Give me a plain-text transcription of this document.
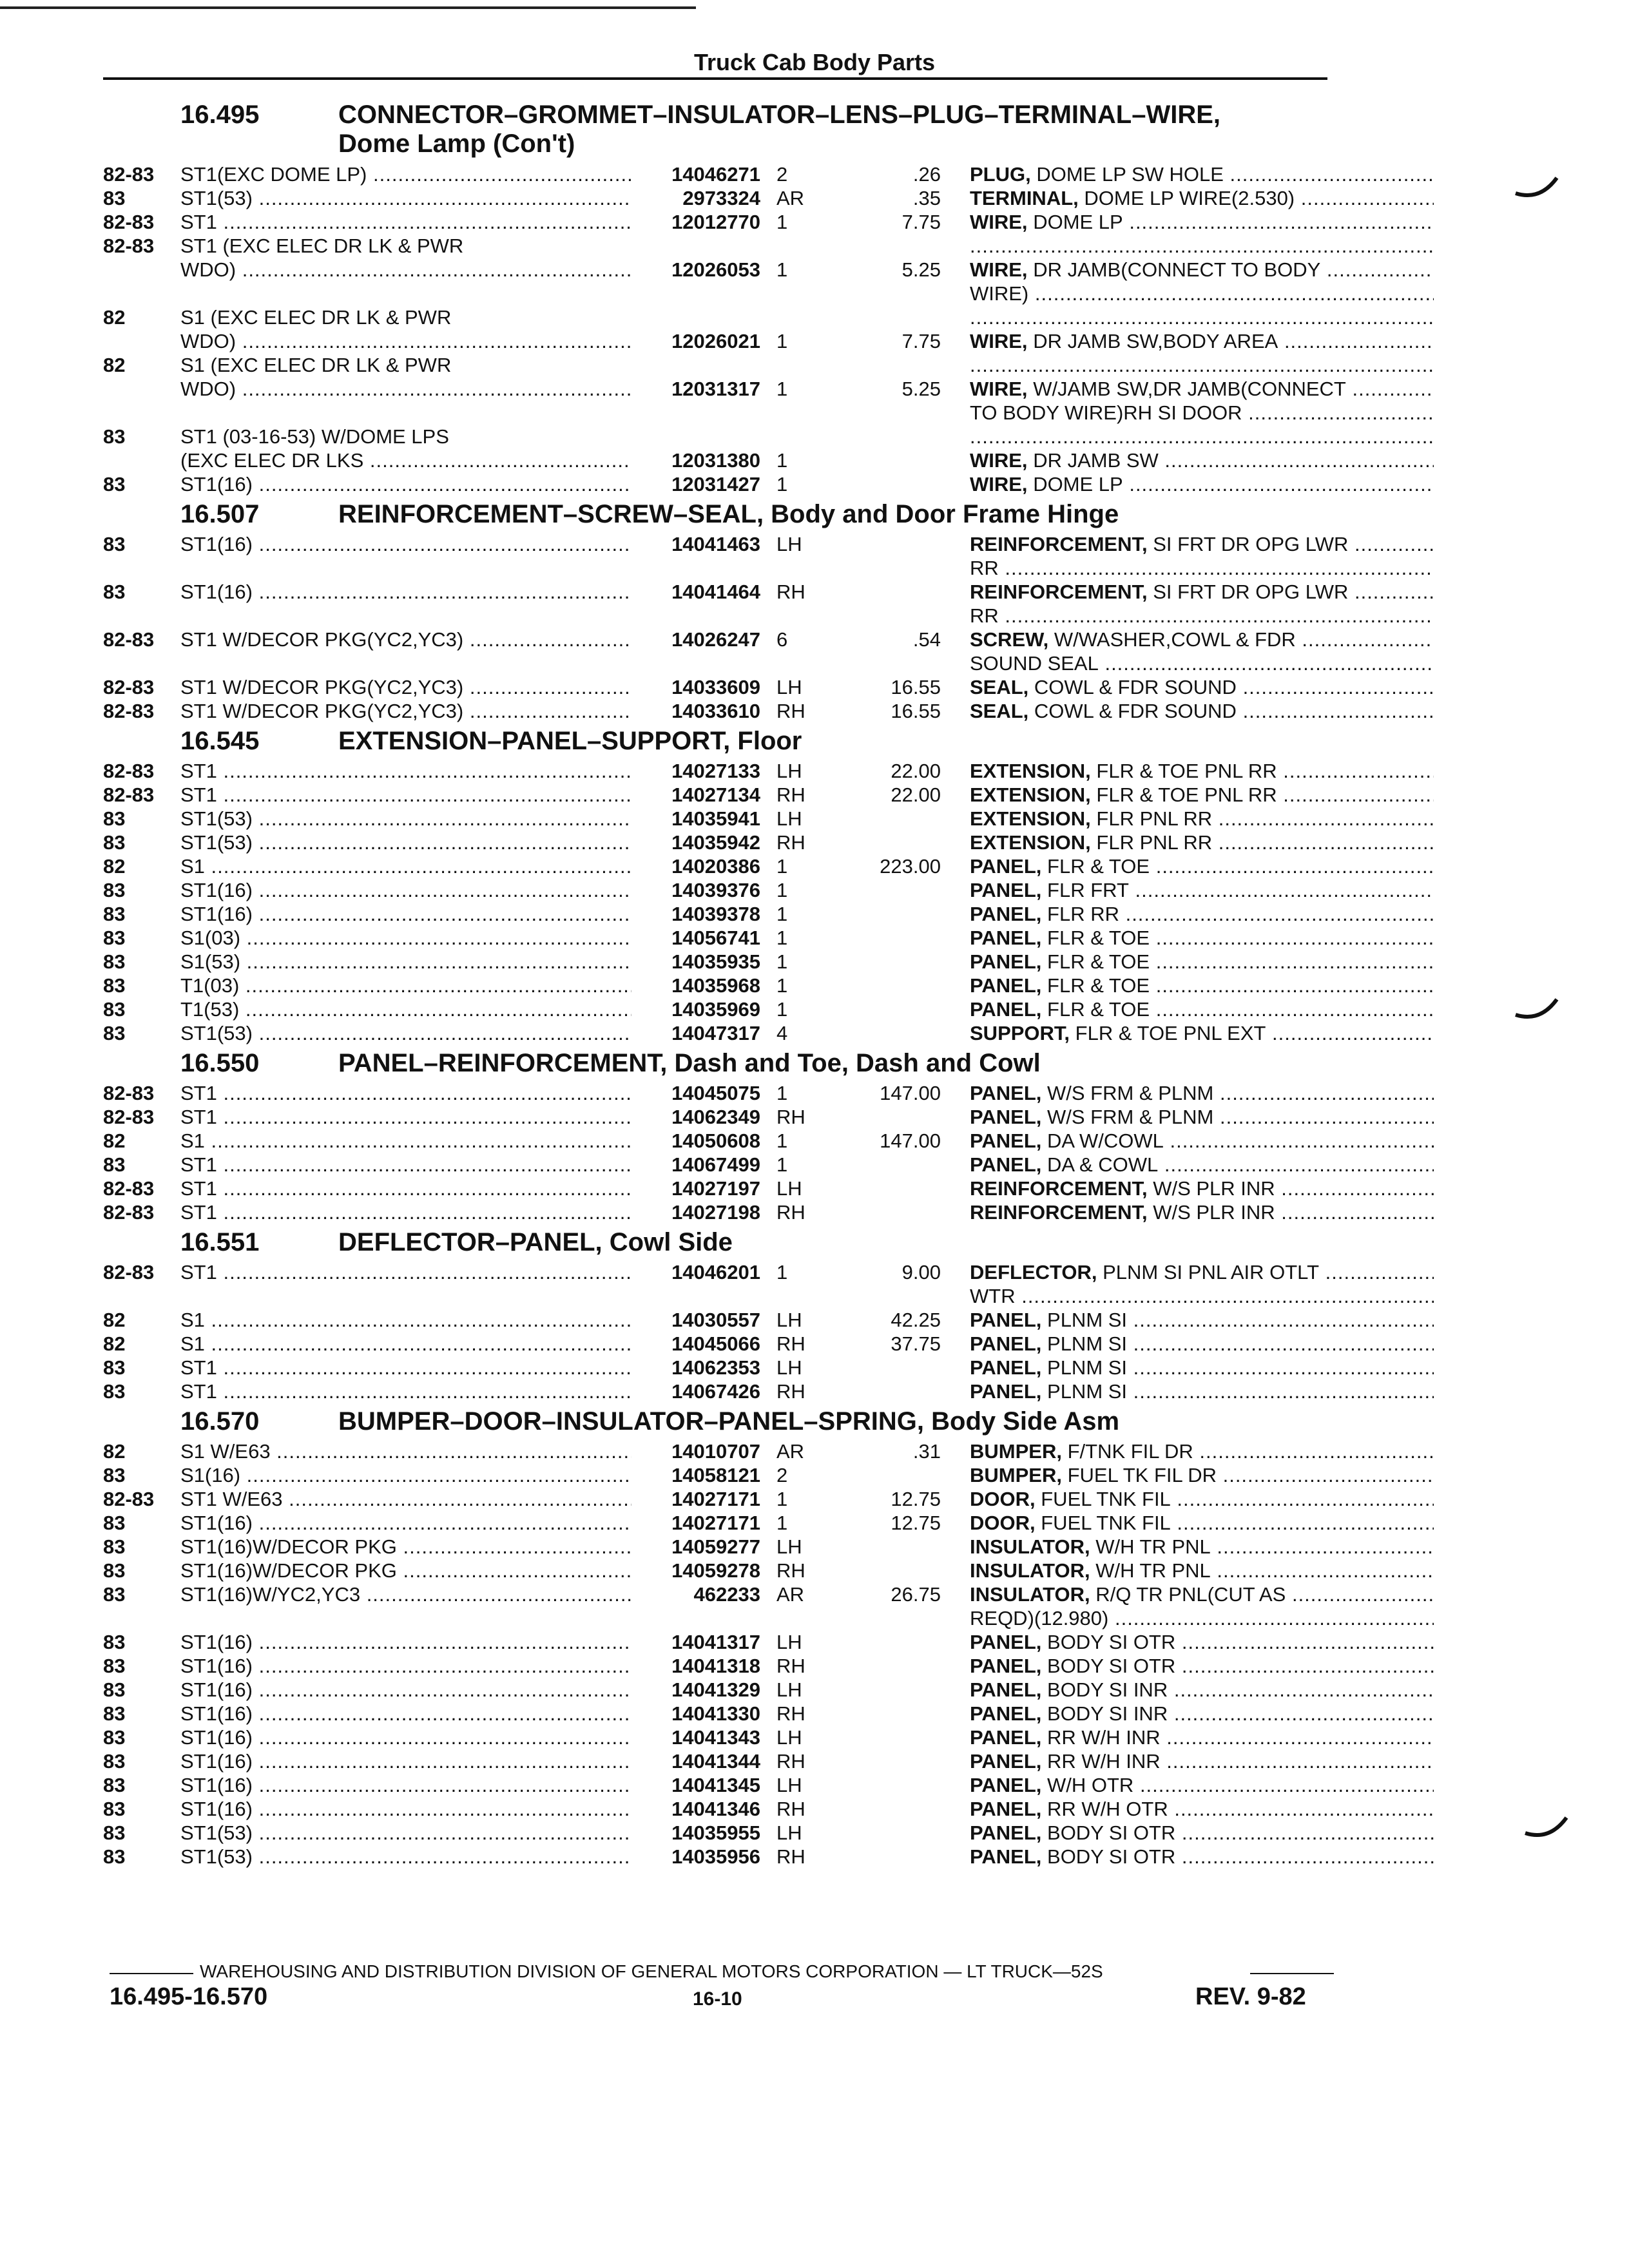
Truck Cab Body Parts
16.495	CONNECTOR–GROMMET–INSULATOR–LENS–PLUG–TERMINAL–WIRE,
Dome Lamp (Con't)
82-83 ST1(EXC DOME LP) .....	14046271 2	.26 PLUG, DOME LP SW HOLE .....
83	ST1(53) .....	2973324 AR	.35 TERMINAL, DOME LP WIRE(2.530) .....
82-83 ST1 .....	12012770 1	7.75 WIRE, DOME LP .....
82-83 ST1 (EXC ELEC DR LK & PWR
.....
WDO) .....	12026053 1	5.25 WIRE, DR JAMB(CONNECT TO BODY .....
WIRE) .....
82	S1 (EXC ELEC DR LK & PWR
.....
WDO) .....	12026021 1	7.75 WIRE, DR JAMB SW,BODY AREA .....
82	S1 (EXC ELEC DR LK & PWR
.....
WDO) .....	12031317 1	5.25 WIRE, W/JAMB SW,DR JAMB(CONNECT .....
TO BODY WIRE)RH SI DOOR .....
83	ST1 (03-16-53) W/DOME LPS
.....
(EXC ELEC DR LKS .....	12031380 1	WIRE, DR JAMB SW .....
83	ST1(16) .....	12031427 1	WIRE, DOME LP .....
16.507	REINFORCEMENT–SCREW–SEAL, Body and Door Frame Hinge
83	ST1(16) .....	14041463 LH	REINFORCEMENT, SI FRT DR OPG LWR .....
RR .....
83	ST1(16) .....	14041464 RH	REINFORCEMENT, SI FRT DR OPG LWR .....
RR .....
82-83 ST1 W/DECOR PKG(YC2,YC3) .....	14026247 6	.54 SCREW, W/WASHER,COWL & FDR .....
SOUND SEAL .....
82-83 ST1 W/DECOR PKG(YC2,YC3) .....	14033609 LH	16.55 SEAL, COWL & FDR SOUND .....
82-83 ST1 W/DECOR PKG(YC2,YC3) .....	14033610 RH	16.55 SEAL, COWL & FDR SOUND .....
16.545	EXTENSION–PANEL–SUPPORT, Floor
82-83 ST1 .....	14027133 LH	22.00 EXTENSION, FLR & TOE PNL RR .....
82-83 ST1 .....	14027134 RH	22.00 EXTENSION, FLR & TOE PNL RR .....
83	ST1(53) .....	14035941 LH	EXTENSION, FLR PNL RR .....
83	ST1(53) .....	14035942 RH	EXTENSION, FLR PNL RR .....
82	S1 .....	14020386 1	223.00 PANEL, FLR & TOE .....
83	ST1(16) .....	14039376 1	PANEL, FLR FRT .....
83	ST1(16) .....	14039378 1	PANEL, FLR RR .....
83	S1(03) .....	14056741 1	PANEL, FLR & TOE .....
83	S1(53) .....	14035935 1	PANEL, FLR & TOE .....
83	T1(03) .....	14035968 1	PANEL, FLR & TOE .....
83	T1(53) .....	14035969 1	PANEL, FLR & TOE .....
83	ST1(53) .....	14047317 4	SUPPORT, FLR & TOE PNL EXT .....
16.550	PANEL–REINFORCEMENT, Dash and Toe, Dash and Cowl
82-83 ST1 .....	14045075 1	147.00 PANEL, W/S FRM & PLNM .....
82-83 ST1 .....	14062349 RH	PANEL, W/S FRM & PLNM .....
82	S1 .....	14050608 1	147.00 PANEL, DA W/COWL .....
83	ST1 .....	14067499 1	PANEL, DA & COWL .....
82-83 ST1 .....	14027197 LH	REINFORCEMENT, W/S PLR INR .....
82-83 ST1 .....	14027198 RH	REINFORCEMENT, W/S PLR INR .....
16.551	DEFLECTOR–PANEL, Cowl Side
82-83 ST1 .....	14046201 1	9.00 DEFLECTOR, PLNM SI PNL AIR OTLT .....
WTR .....
82	S1 .....	14030557 LH	42.25 PANEL, PLNM SI .....
82	S1 .....	14045066 RH	37.75 PANEL, PLNM SI .....
83	ST1 .....	14062353 LH	PANEL, PLNM SI .....
83	ST1 .....	14067426 RH	PANEL, PLNM SI .....
16.570	BUMPER–DOOR–INSULATOR–PANEL–SPRING, Body Side Asm
82	S1 W/E63 .....	14010707 AR	.31 BUMPER, F/TNK FIL DR .....
83	S1(16) .....	14058121 2	BUMPER, FUEL TK FIL DR .....
82-83 ST1 W/E63 .....	14027171 1	12.75 DOOR, FUEL TNK FIL .....
83	ST1(16) .....	14027171 1	12.75 DOOR, FUEL TNK FIL .....
83	ST1(16)W/DECOR PKG .....	14059277 LH	INSULATOR, W/H TR PNL .....
83	ST1(16)W/DECOR PKG .....	14059278 RH	INSULATOR, W/H TR PNL .....
83	ST1(16)W/YC2,YC3 .....	462233 AR	26.75 INSULATOR, R/Q TR PNL(CUT AS .....
REQD)(12.980) .....
83	ST1(16) .....	14041317 LH	PANEL, BODY SI OTR .....
83	ST1(16) .....	14041318 RH	PANEL, BODY SI OTR .....
83	ST1(16) .....	14041329 LH	PANEL, BODY SI INR .....
83	ST1(16) .....	14041330 RH	PANEL, BODY SI INR .....
83	ST1(16) .....	14041343 LH	PANEL, RR W/H INR .....
83	ST1(16) .....	14041344 RH	PANEL, RR W/H INR .....
83	ST1(16) .....	14041345 LH	PANEL, W/H OTR .....
83	ST1(16) .....	14041346 RH	PANEL, RR W/H OTR .....
83	ST1(53) .....	14035955 LH	PANEL, BODY SI OTR .....
83	ST1(53) .....	14035956 RH	PANEL, BODY SI OTR .....
WAREHOUSING AND DISTRIBUTION DIVISION OF GENERAL MOTORS CORPORATION — LT TRUCK—52S
16.495-16.570	16-10	REV. 9-82
